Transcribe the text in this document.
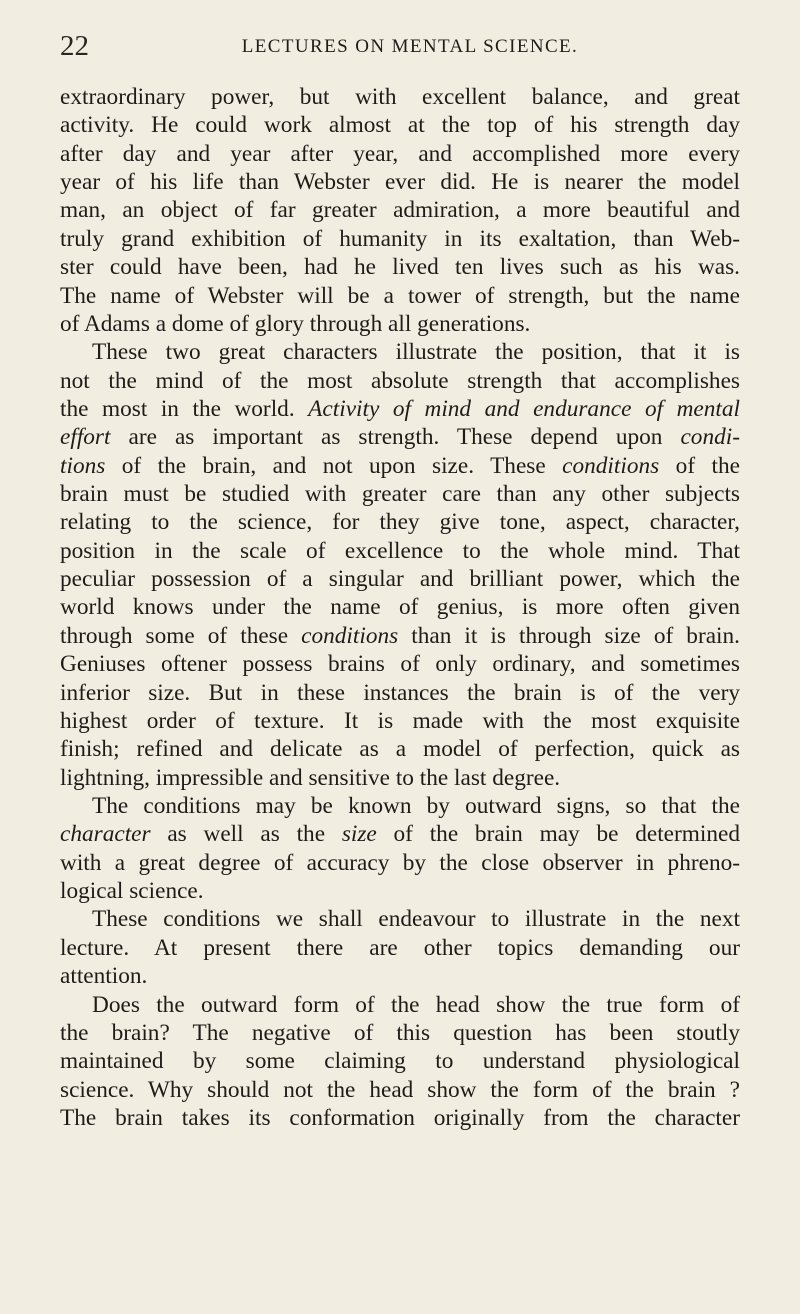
22	LECTURES ON MENTAL SCIENCE.
extraordinary power, but with excellent balance, and great
activity. He could work almost at the top of his strength day
after day and year after year, and accomplished more every
year of his life than Webster ever did. He is nearer the model
man, an object of far greater admiration, a more beautiful and
truly grand exhibition of humanity in its exaltation, than Web-
ster could have been, had he lived ten lives such as his was.
The name of Webster will be a tower of strength, but the name
of Adams a dome of glory through all generations.
These two great characters illustrate the position, that it is
not the mind of the most absolute strength that accomplishes
the most in the world. Activity of mind and endurance of mental
effort are as important as strength. These depend upon condi-
tions of the brain, and not upon size. These conditions of the
brain must be studied with greater care than any other subjects
relating to the science, for they give tone, aspect, character,
position in the scale of excellence to the whole mind. That
peculiar possession of a singular and brilliant power, which the
world knows under the name of genius, is more often given
through some of these conditions than it is through size of brain.
Geniuses oftener possess brains of only ordinary, and sometimes
inferior size. But in these instances the brain is of the very
highest order of texture. It is made with the most exquisite
finish; refined and delicate as a model of perfection, quick as
lightning, impressible and sensitive to the last degree.
The conditions may be known by outward signs, so that the
character as well as the size of the brain may be determined
with a great degree of accuracy by the close observer in phreno-
logical science.
These conditions we shall endeavour to illustrate in the next
lecture. At present there are other topics demanding our
attention.
Does the outward form of the head show the true form of
the brain? The negative of this question has been stoutly
maintained by some claiming to understand physiological
science. Why should not the head show the form of the brain ?
The brain takes its conformation originally from the character
